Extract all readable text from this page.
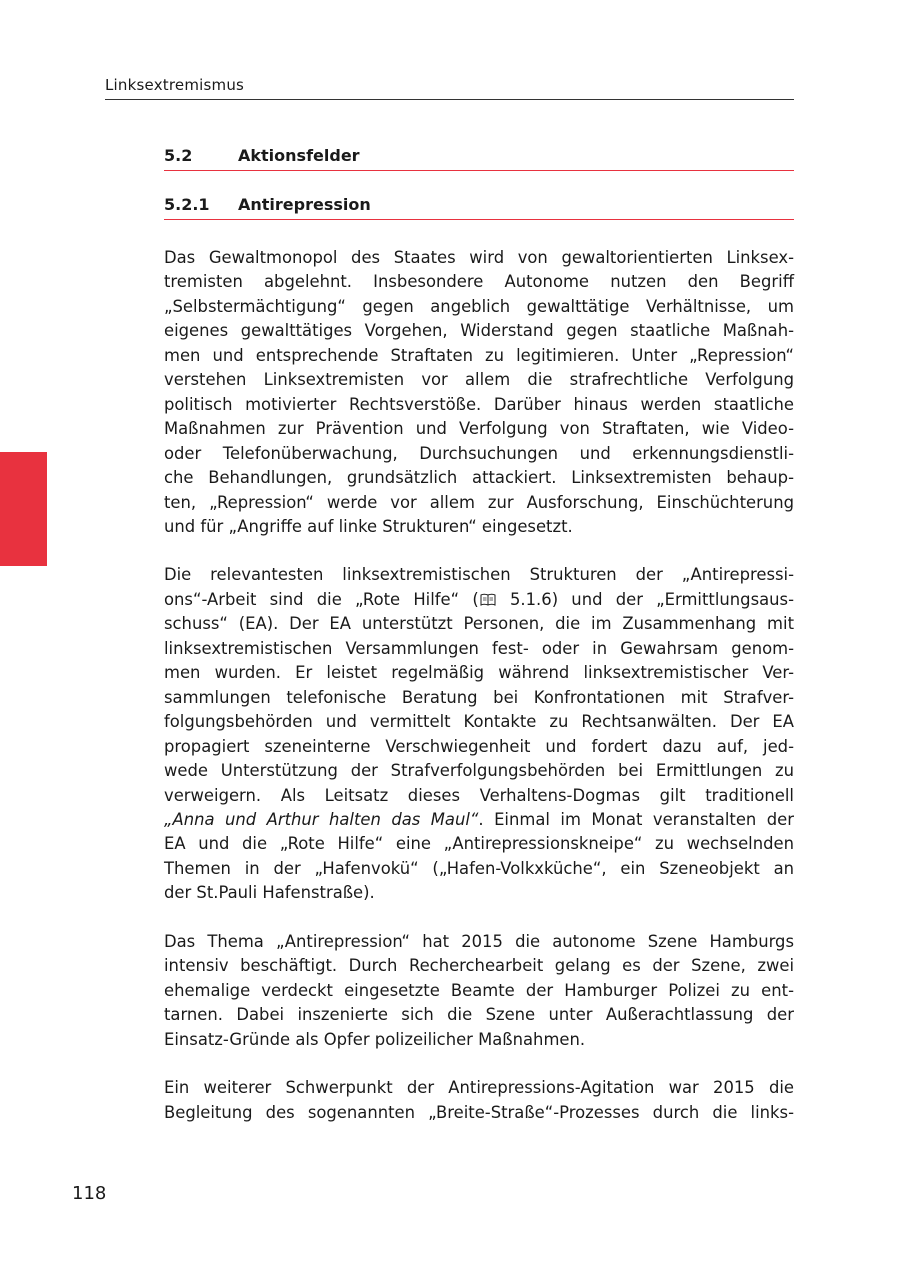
Linksextremismus
5.2	Aktionsfelder
5.2.1 Antirepression

Das Gewaltmonopol des Staates wird von gewaltorientierten Linksex-
tremisten abgelehnt. Insbesondere Autonome nutzen den Begriff
„Selbstermächtigung“ gegen angeblich gewalttätige Verhältnisse, um
eigenes gewalttätiges Vorgehen, Widerstand gegen staatliche Maßnah-
men und entsprechende Straftaten zu legitimieren. Unter „Repression“
verstehen Linksextremisten vor allem die strafrechtliche Verfolgung
politisch motivierter Rechtsverstöße. Darüber hinaus werden staatliche
Maßnahmen zur Prävention und Verfolgung von Straftaten, wie Video-
oder Telefonüberwachung, Durchsuchungen und erkennungsdienstli-
che Behandlungen, grundsätzlich attackiert. Linksextremisten behaup-
ten, „Repression“ werde vor allem zur Ausforschung, Einschüchterung
und für „Angriffe auf linke Strukturen“ eingesetzt.

Die relevantesten linksextremistischen Strukturen der „Antirepressi-
ons“-Arbeit sind die „Rote Hilfe“ ( 5.1.6) und der „Ermittlungsaus-
schuss“ (EA). Der EA unterstützt Personen, die im Zusammenhang mit
linksextremistischen Versammlungen fest- oder in Gewahrsam genom-
men wurden. Er leistet regelmäßig während linksextremistischer Ver-
sammlungen telefonische Beratung bei Konfrontationen mit Strafver-
folgungsbehörden und vermittelt Kontakte zu Rechtsanwälten. Der EA
propagiert szeneinterne Verschwiegenheit und fordert dazu auf, jed-
wede Unterstützung der Strafverfolgungsbehörden bei Ermittlungen zu
verweigern. Als Leitsatz dieses Verhaltens-Dogmas gilt traditionell
„Anna und Arthur halten das Maul“. Einmal im Monat veranstalten der
EA und die „Rote Hilfe“ eine „Antirepressionskneipe“ zu wechselnden
Themen in der „Hafenvokü“ („Hafen-Volkxküche“, ein Szeneobjekt an
der St.Pauli Hafenstraße).

Das Thema „Antirepression“ hat 2015 die autonome Szene Hamburgs
intensiv beschäftigt. Durch Recherchearbeit gelang es der Szene, zwei
ehemalige verdeckt eingesetzte Beamte der Hamburger Polizei zu ent-
tarnen. Dabei inszenierte sich die Szene unter Außerachtlassung der
Einsatz-Gründe als Opfer polizeilicher Maßnahmen.

Ein weiterer Schwerpunkt der Antirepressions-Agitation war 2015 die
Begleitung des sogenannten „Breite-Straße“-Prozesses durch die links-

118
